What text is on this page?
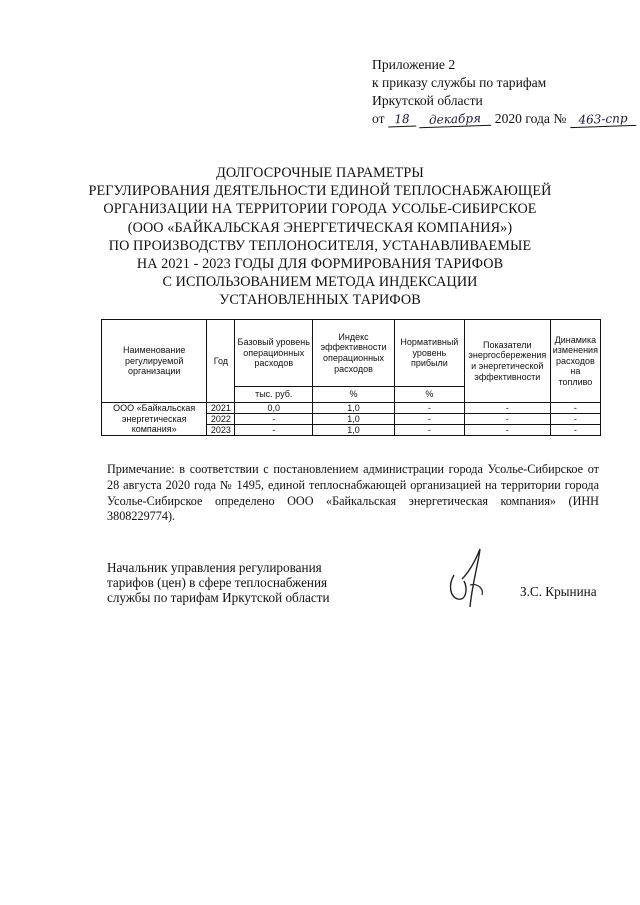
Приложение 2
к приказу службы по тарифам
Иркутской области
от 18 декабря 2020 года № 463-спр
ДОЛГОСРОЧНЫЕ ПАРАМЕТРЫ
РЕГУЛИРОВАНИЯ ДЕЯТЕЛЬНОСТИ ЕДИНОЙ ТЕПЛОСНАБЖАЮЩЕЙ
ОРГАНИЗАЦИИ НА ТЕРРИТОРИИ ГОРОДА УСОЛЬЕ-СИБИРСКОЕ
(ООО «БАЙКАЛЬСКАЯ ЭНЕРГЕТИЧЕСКАЯ КОМПАНИЯ»)
ПО ПРОИЗВОДСТВУ ТЕПЛОНОСИТЕЛЯ, УСТАНАВЛИВАЕМЫЕ
НА 2021 - 2023 ГОДЫ ДЛЯ ФОРМИРОВАНИЯ ТАРИФОВ
С ИСПОЛЬЗОВАНИЕМ МЕТОДА ИНДЕКСАЦИИ
УСТАНОВЛЕННЫХ ТАРИФОВ
Наименование регулируемой организации	Год	Базовый уровень операционных расходов	Индекс эффективности операционных расходов	Нормативный уровень прибыли	Показатели энергосбережения и энергетической эффективности	Динамика изменения расходов на топливо
		тыс. руб.	%	%		
ООО «Байкальская энергетическая компания»	2021	0,0	1,0	-	-	-
	2022	-	1,0	-	-	-
	2023	-	1,0	-	-	-
Примечание: в соответствии с постановлением администрации города Усолье-Сибирское от 28 августа 2020 года № 1495, единой теплоснабжающей организацией на территории города Усолье-Сибирское определено ООО «Байкальская энергетическая компания» (ИНН 3808229774).
Начальник управления регулирования
тарифов (цен) в сфере теплоснабжения
службы по тарифам Иркутской области	З.С. Крынина
